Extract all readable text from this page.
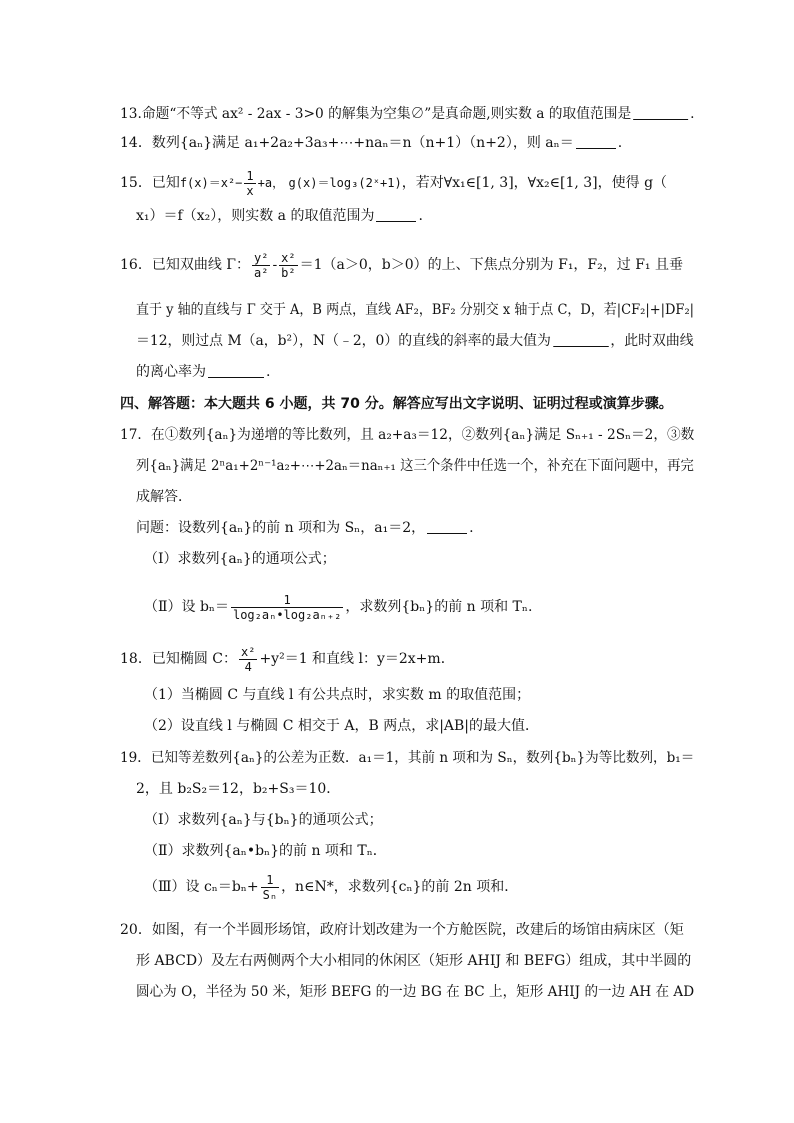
13.命题“不等式 ax² - 2ax - 3>0 的解集为空集∅”是真命题,则实数 a 的取值范围是	.
14．数列{aₙ}满足 a₁+2a₂+3a₃+⋯+naₙ＝n（n+1）（n+2），则 aₙ＝	.
15．已知$f(x)=x^2- \frac{1}{x} +a$， g(x)＝log₃(2ˣ+1)，若对∀x₁∈[1, 3]，∀x₂∈[1, 3]，使得 g（
x₁）＝f（x₂），则实数 a 的取值范围为	.
16．已知双曲线 Γ： $\frac{\text{y²}}{\text{a²}} - \frac{\text{x²}}{\text{b²}} =1(a>0$，b＞0）的上、下焦点分别为 F₁，F₂，过 F₁ 且垂
直于 y 轴的直线与 Γ 交于 A，B 两点，直线 AF₂，BF₂ 分别交 x 轴于点 C，D，若|CF₂|+|DF₂|
＝12，则过点 M（a，b²），N（﹣2，0）的直线的斜率的最大值为	，此时双曲线
的离心率为	.
四、解答题：本大题共 6 小题，共 70 分。解答应写出文字说明、证明过程或演算步骤。
17．在①数列{aₙ}为递增的等比数列，且 a₂+a₃＝12，②数列{aₙ}满足 Sₙ₊₁ - 2Sₙ＝2，③数
列{aₙ}满足 2ⁿa₁+2ⁿ⁻¹a₂+⋯+2aₙ＝naₙ₊₁ 这三个条件中任选一个，补充在下面问题中，再完
成解答．
问题：设数列{aₙ}的前 n 项和为 Sₙ，a₁＝2，	.
（Ⅰ）求数列{aₙ}的通项公式；
（Ⅱ）设 $b_n= \frac{1}{\text{log₂aₙ•log₂aₙ₊₂}}$ ，求数列{bₙ}的前 n 项和 Tₙ.
18．已知椭圆 C： $\frac{\text{x²}}{4} +y^2=1$ 和直线 l：y＝2x+m．
（1）当椭圆 C 与直线 l 有公共点时，求实数 m 的取值范围；
（2）设直线 l 与椭圆 C 相交于 A，B 两点，求|AB|的最大值．
19．已知等差数列{aₙ}的公差为正数．a₁＝1，其前 n 项和为 Sₙ，数列{bₙ}为等比数列，b₁＝
2，且 b₂S₂＝12，b₂+S₃＝10．
（Ⅰ）求数列{aₙ}与{bₙ}的通项公式；
（Ⅱ）求数列{aₙ•bₙ}的前 n 项和 Tₙ．
（Ⅲ）设 $c_n=b_n+ \frac{1}{\text{Sₙ}}$ ，n∈N*，求数列{cₙ}的前 2n 项和．
20．如图，有一个半圆形场馆，政府计划改建为一个方舱医院，改建后的场馆由病床区（矩
形 ABCD）及左右两侧两个大小相同的休闲区（矩形 AHIJ 和 BEFG）组成，其中半圆的
圆心为 O，半径为 50 米，矩形 BEFG 的一边 BG 在 BC 上，矩形 AHIJ 的一边 AH 在 AD
